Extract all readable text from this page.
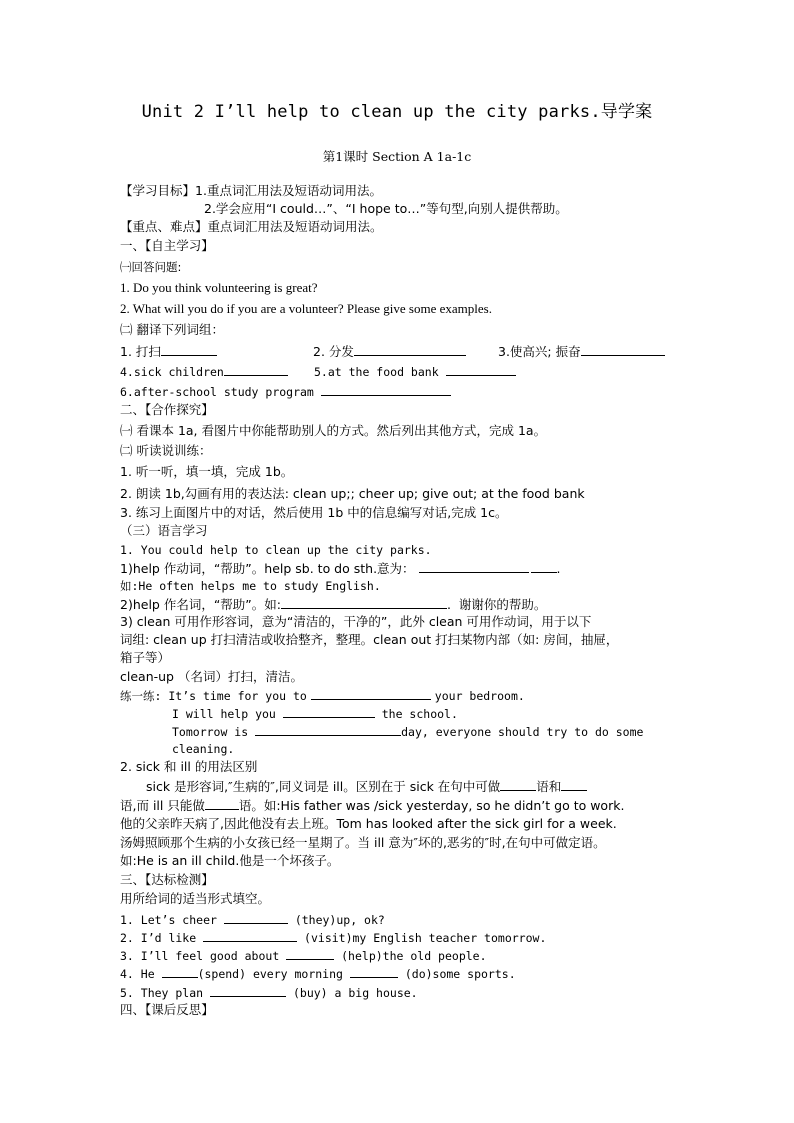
Unit 2 I’ll help to clean up the city parks.导学案
第1课时 Section A 1a-1c
【学习目标】1.重点词汇用法及短语动词用法。
2.学会应用“I could…”、“I hope to…”等句型,向别人提供帮助。
【重点、难点】重点词汇用法及短语动词用法。
一、【自主学习】
㈠回答问题:
1. Do you think volunteering is great?
2. What will you do if you are a volunteer? Please give some examples.
㈡ 翻译下列词组：
1. 打扫	2. 分发	3.使高兴; 振奋
4.sick children	5.at the food bank
6.after-school study program
二、【合作探究】
㈠ 看课本 1a, 看图片中你能帮助别人的方式。然后列出其他方式，完成 1a。
㈡ 听读说训练：
1. 听一听，填一填，完成 1b。
2. 朗读 1b,勾画有用的表达法: clean up;; cheer up; give out; at the food bank
3. 练习上面图片中的对话，然后使用 1b 中的信息编写对话,完成 1c。
（三）语言学习
1. You could help to clean up the city parks.
1)help 作动词，“帮助”。help sb. to do sth.意为：	.
如:He often helps me to study English.
2)help 作名词，“帮助”。如:	.  谢谢你的帮助。
3) clean 可用作形容词，意为“清洁的，干净的”，此外 clean 可用作动词，用于以下
词组: clean up 打扫清洁或收拾整齐，整理。clean out 打扫某物内部（如: 房间，抽屉，
箱子等）
clean-up （名词）打扫，清洁。
练一练: It’s time for you to	your bedroom.
I will help you	the school.
Tomorrow is	day, everyone should try to do some
cleaning.
2. sick 和 ill 的用法区别
sick 是形容词,″生病的″,同义词是 ill。区别在于 sick 在句中可做	语和
语,而 ill 只能做	语。如:His father was /sick yesterday, so he didn’t go to work.
他的父亲昨天病了,因此他没有去上班。Tom has looked after the sick girl for a week.
汤姆照顾那个生病的小女孩已经一星期了。当 ill 意为″坏的,恶劣的″时,在句中可做定语。
如:He is an ill child.他是一个坏孩子。
三、【达标检测】
用所给词的适当形式填空。
1. Let’s cheer	(they)up, ok?
2. I’d like	(visit)my English teacher tomorrow.
3. I’ll feel good about	(help)the old people.
4. He	(spend) every morning	(do)some sports.
5. They plan	(buy) a big house.
四、【课后反思】
